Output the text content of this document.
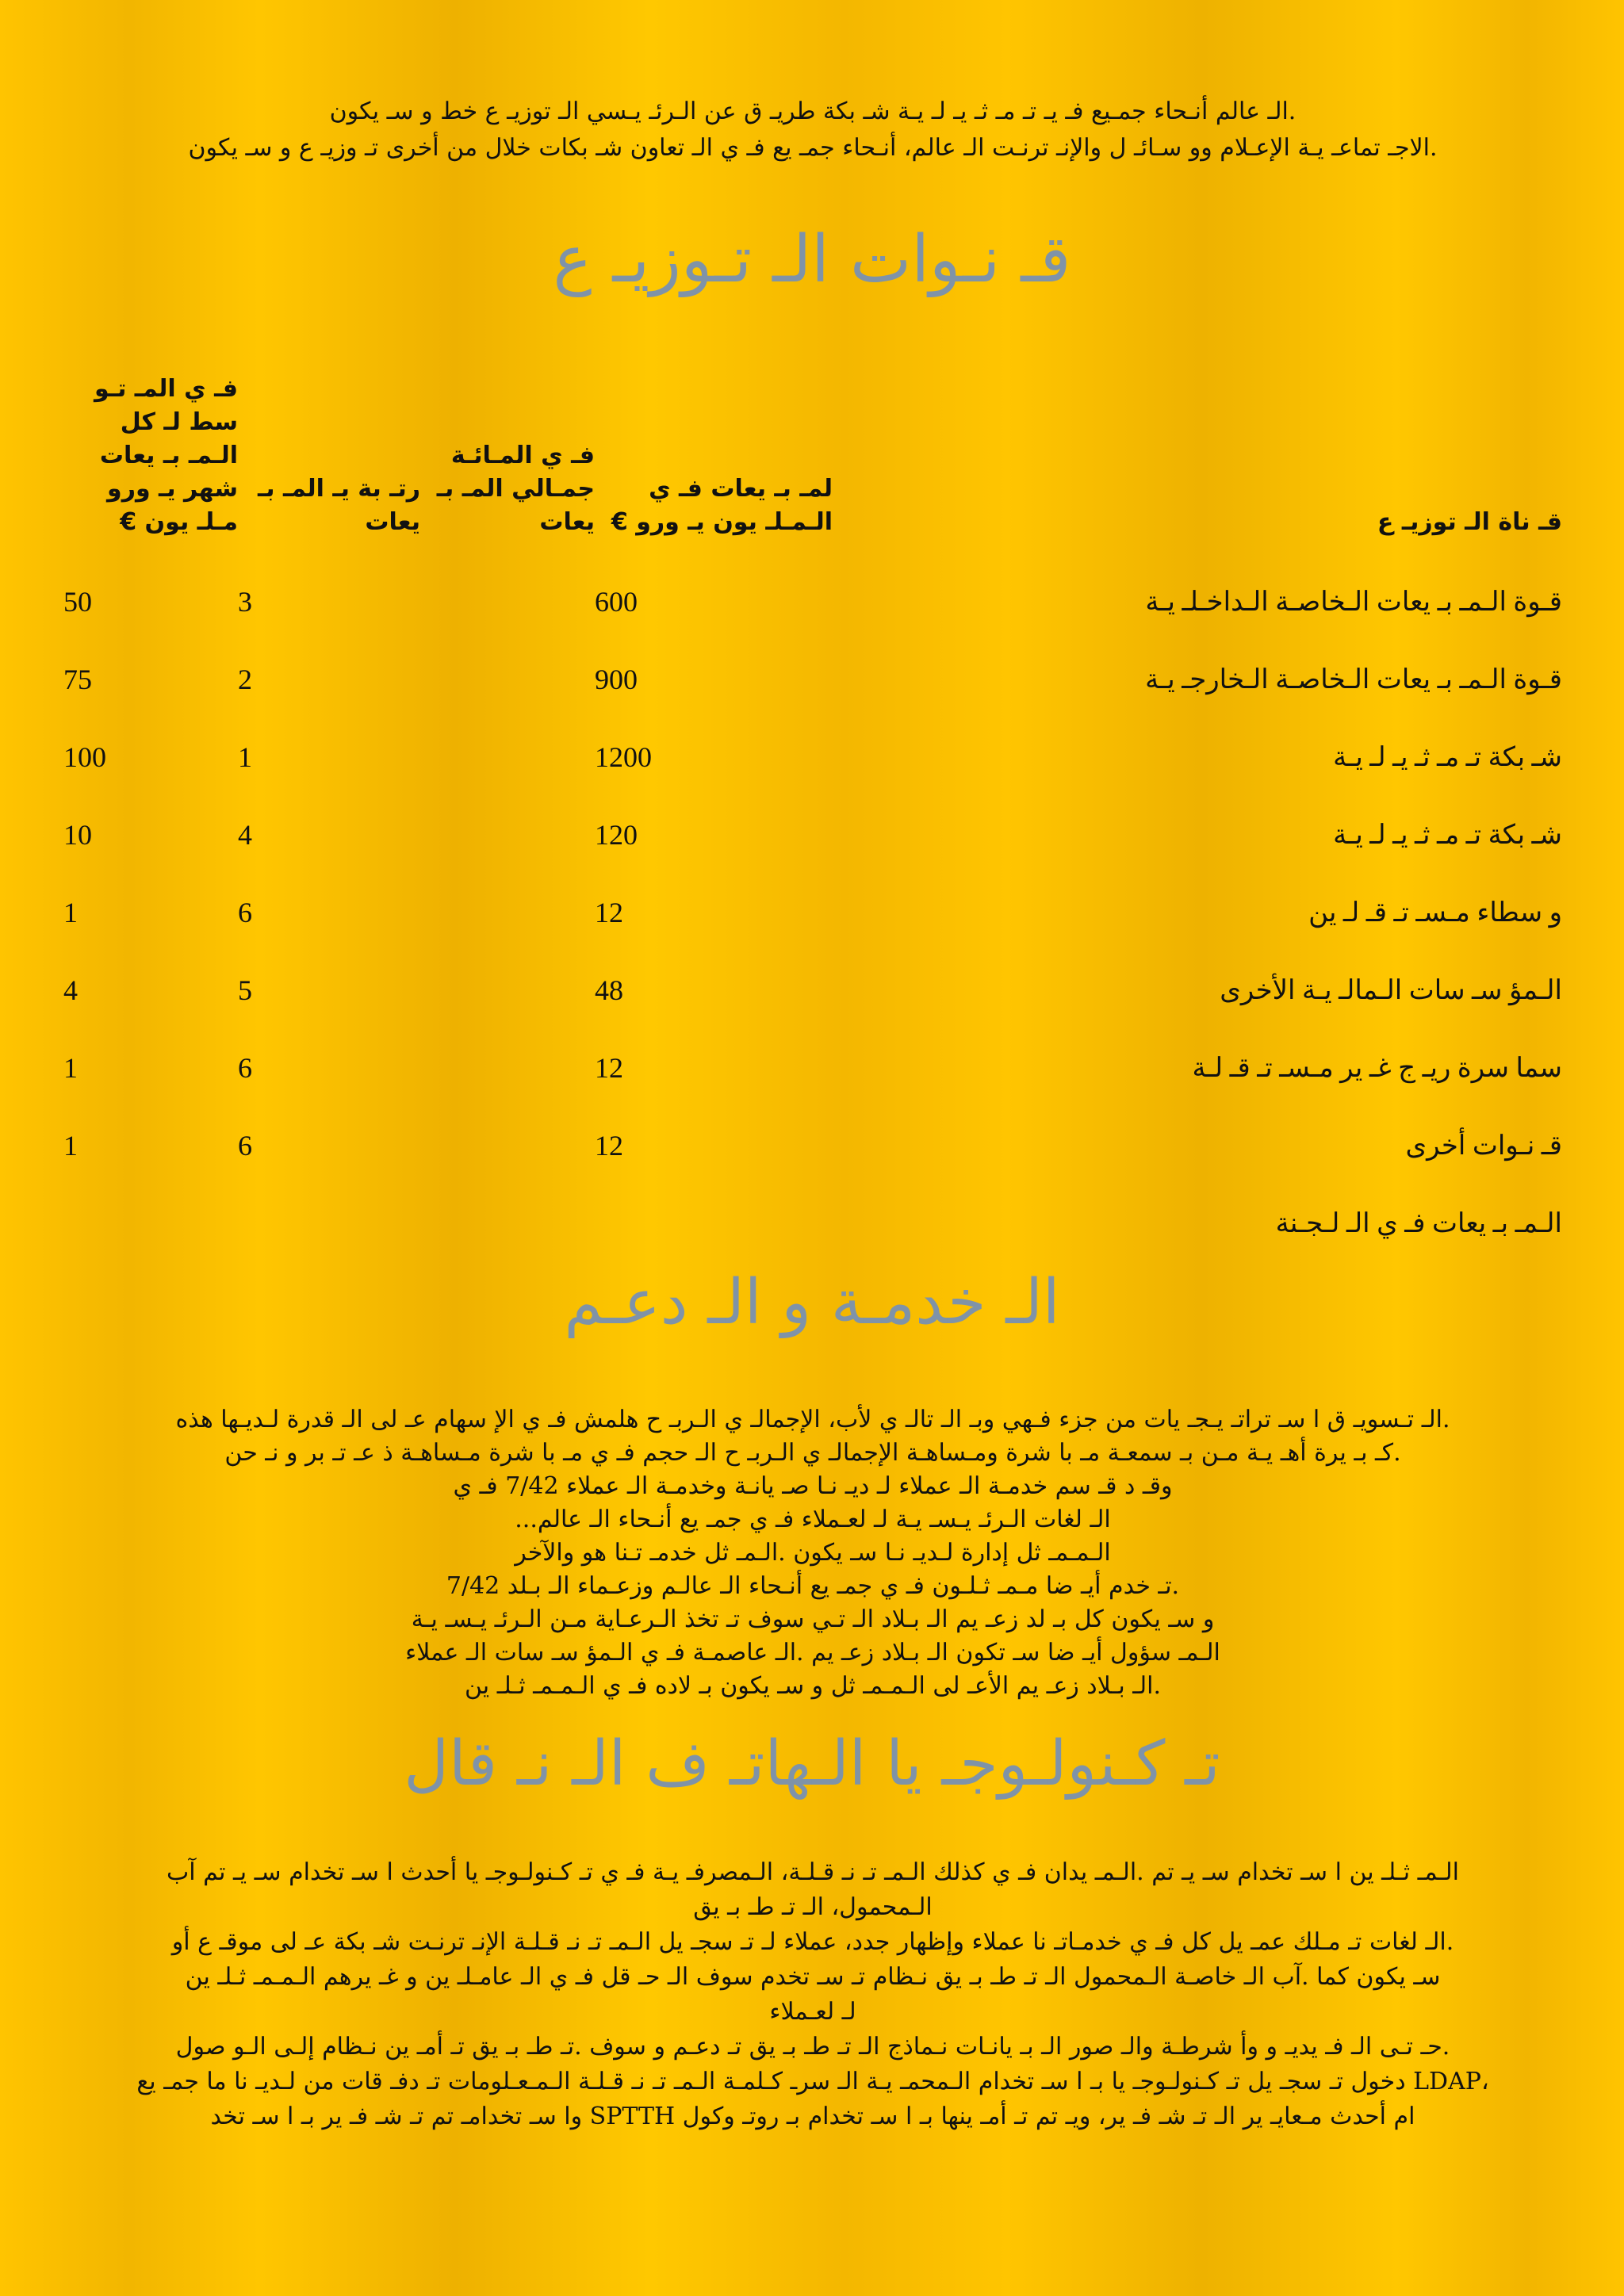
.الـ عالم أنـحاء جمـيع فـ يـ تـ مـ ثـ يـ لـ يـة شـ بكة طريـ ق عن الـرئـ يـسي الـ توزيـ ع خط و سـ يكون

.الاجـ تماعـ يـة الإعـلام وو سـائـ ل والإنـ ترنـت الـ عالم، أنـحاء جمـ يع فـ ي الـ تعاون شـ بكات خلال من أخرى تـ وزيـ ع و سـ يكون

قـ نـوات الـ تـوزيـ ع
قـ ناة الـ توزيـ ع	لمـ بـ يعات فـ ي الـمـلـ يون يـ ورو €	فـ ي المـائـة جمـالي المـ بـ يعات	رتـ بة يـ المـ بـ يعات	فـ ي المـ تـو سط لـ كل الـمـ بـ يعات شهر يـ ورو مـلـ يون €
قـوة الـمـ بـ يعات الـخاصـة الـداخـلـ يـة	600		3	50
قـوة الـمـ بـ يعات الـخاصـة الـخارجـ يـة	900		2	75
شـ بكة تـ مـ ثـ يـ لـ يـة	1200		1	100
شـ بكة تـ مـ ثـ يـ لـ يـة	120		4	10
و سطاء مـسـ تـ قـ لـ ين	12		6	1
الـمؤ سـ سات الـمالـ يـة الأخرى	48		5	4
سما سرة ريـ ج غـ ير مـسـ تـ قـ لـة	12		6	1
قـ نـوات أخرى	12		6	1
الـمـ بـ يعات فـ ي الـ لـجـنة				
الـ خدمـة و الـ دعـم

.الـ تـسويـ ق ا سـ تراتـ يـجـ يات من جزء فـهي وبـ الـ تالـ ي لأب، الإجمالـ ي الـربـ ح هلمش فـ ي الإ سهام عـ لى الـ قدرة لـديـها هذه

.كـ بـ يرة أهـ يـة مـن بـ سمعـة مـ با شرة ومـساهـة الإجمالـ ي الـربـ ح الـ حجم فـ ي مـ با شرة مـساهـة ذ عـ تـ بر و نـ حن

وقـ د قـ سم خدمـة الـ عملاء لـ ديـ نـا صـ يانـة وخدمـة الـ عملاء 7/42 فـ ي

الـ لغات الـرئـ يـسـ يـة لـ لعـملاء فـ ي جمـ يع أنـحاء الـ عالم...

الـمـمـ ثل إدارة لـديـ نـا سـ يكون .الـمـ ثل خدمـ تـنا هو والآخر

.تـ خدم أيـ ضا مـمـ ثـلـون فـ ي جمـ يع أنـحاء الـ عالـم وزعـماء الـ بـلد 7/42

و سـ يكون كل بـ لد زعـ يم الـ بـلاد الـ تـي سوف تـ تخذ الـرعـاية مـن الـرئـ يـسـ يـة

الـمـ سؤول أيـ ضا سـ تكون الـ بـلاد زعـ يم .الـ عاصمـة فـ ي الـمؤ سـ سات الـ عملاء

.الـ بـلاد زعـ يم الأعـ لى الـمـمـ ثل و سـ يكون بـ لاده فـ ي الـمـمـ ثـلـ ين

تـ كـنولـوجـ يا الـهاتـ ف الـ نـ قال

الـمـ ثـلـ ين ا سـ تخدام سـ يـ تم .الـمـ يدان فـ ي كذلك الـمـ تـ نـ قـلـة، الـمصرفـ يـة فـ ي تـ كـنولـوجـ يا أحدث ا سـ تخدام سـ يـ تم آب

الـمحمول، الـ تـ طـ بـ يق

.الـ لغات تـ مـلك عمـ يل كل فـ ي خدمـاتـ نا عملاء وإظهار جدد، عملاء لـ تـ سجـ يل الـمـ تـ نـ قـلـة الإنـ ترنـت شـ بكة عـ لى موقـ ع أو

سـ يكون كما .آب الـ خاصـة الـمحمول الـ تـ طـ بـ يق نـظام تـ سـ تخدم سوف الـ حـ قل فـ ي الـ عامـلـ ين و غـ يرهم الـمـمـ ثـلـ ين

لـ لعـملاء

.حـ تـى الـ فـ يديـ و وأ شرطـة والـ صور الـ بـ يانـات نـماذج الـ تـ طـ بـ يق تـ دعـم و سوف .تـ طـ بـ يق تـ أمـ ين نـظام إلـى الـو صول

،LDAP دخول تـ سجـ يل تـ كـنولـوجـ يا بـ ا سـ تخدام الـمحمـ يـة الـ سرـ كـلمـة الـمـ تـ نـ قـلـة الـمـعـلومات تـ دفـ قات من لـديـ نا ما جمـ يع

ام أحدث مـعايـ ير الـ تـ شـ فـ ير، ويـ تم تـ أمـ ينها بـ ا سـ تخدام بـ روتـ وكول SPTTH وا سـ تخدامـ تم تـ شـ فـ ير بـ ا سـ تخد
